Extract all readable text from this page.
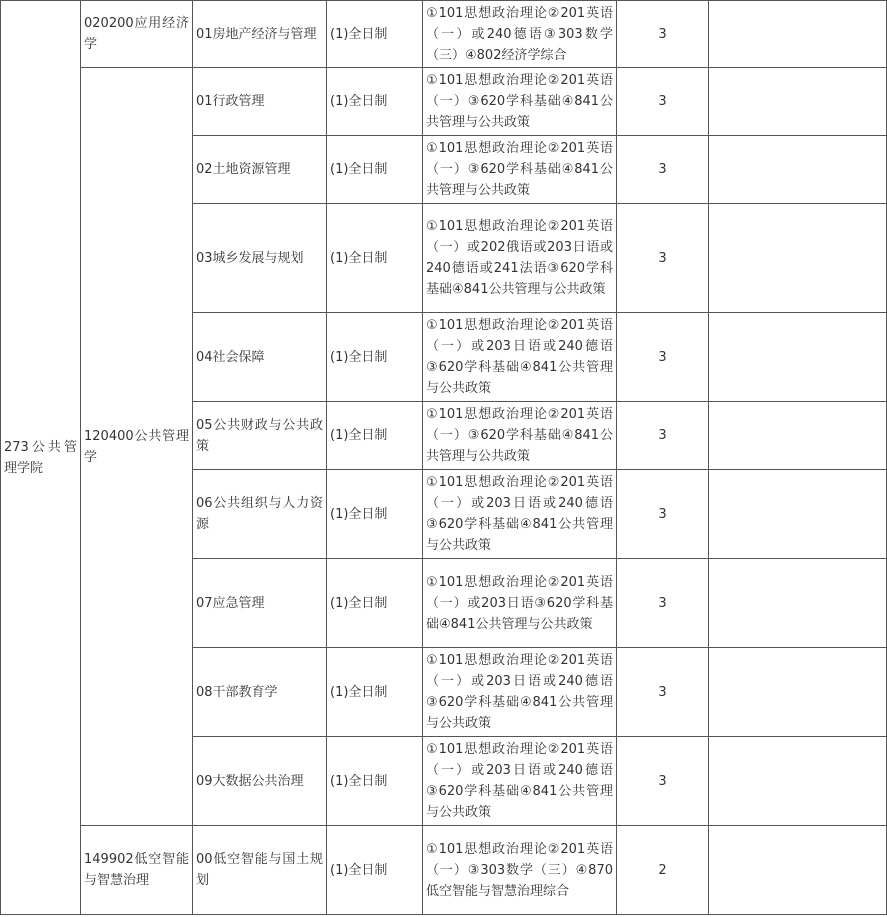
273公共管理学院	020200应用经济学	01房地产经济与管理	(1)全日制	①101思想政治理论②201英语（一）或240德语③303数学（三）④802经济学综合	3	
	120400公共管理学	01行政管理	(1)全日制	①101思想政治理论②201英语（一）③620学科基础④841公共管理与公共政策	3	
		02土地资源管理	(1)全日制	①101思想政治理论②201英语（一）③620学科基础④841公共管理与公共政策	3	
		03城乡发展与规划	(1)全日制	①101思想政治理论②201英语（一）或202俄语或203日语或240德语或241法语③620学科基础④841公共管理与公共政策	3	
		04社会保障	(1)全日制	①101思想政治理论②201英语（一）或203日语或240德语③620学科基础④841公共管理与公共政策	3	
		05公共财政与公共政策	(1)全日制	①101思想政治理论②201英语（一）③620学科基础④841公共管理与公共政策	3	
		06公共组织与人力资源	(1)全日制	①101思想政治理论②201英语（一）或203日语或240德语③620学科基础④841公共管理与公共政策	3	
		07应急管理	(1)全日制	①101思想政治理论②201英语（一）或203日语③620学科基础④841公共管理与公共政策	3	
		08干部教育学	(1)全日制	①101思想政治理论②201英语（一）或203日语或240德语③620学科基础④841公共管理与公共政策	3	
		09大数据公共治理	(1)全日制	①101思想政治理论②201英语（一）或203日语或240德语③620学科基础④841公共管理与公共政策	3	
	149902低空智能与智慧治理	00低空智能与国土规划	(1)全日制	①101思想政治理论②201英语（一）③303数学（三）④870低空智能与智慧治理综合	2	
